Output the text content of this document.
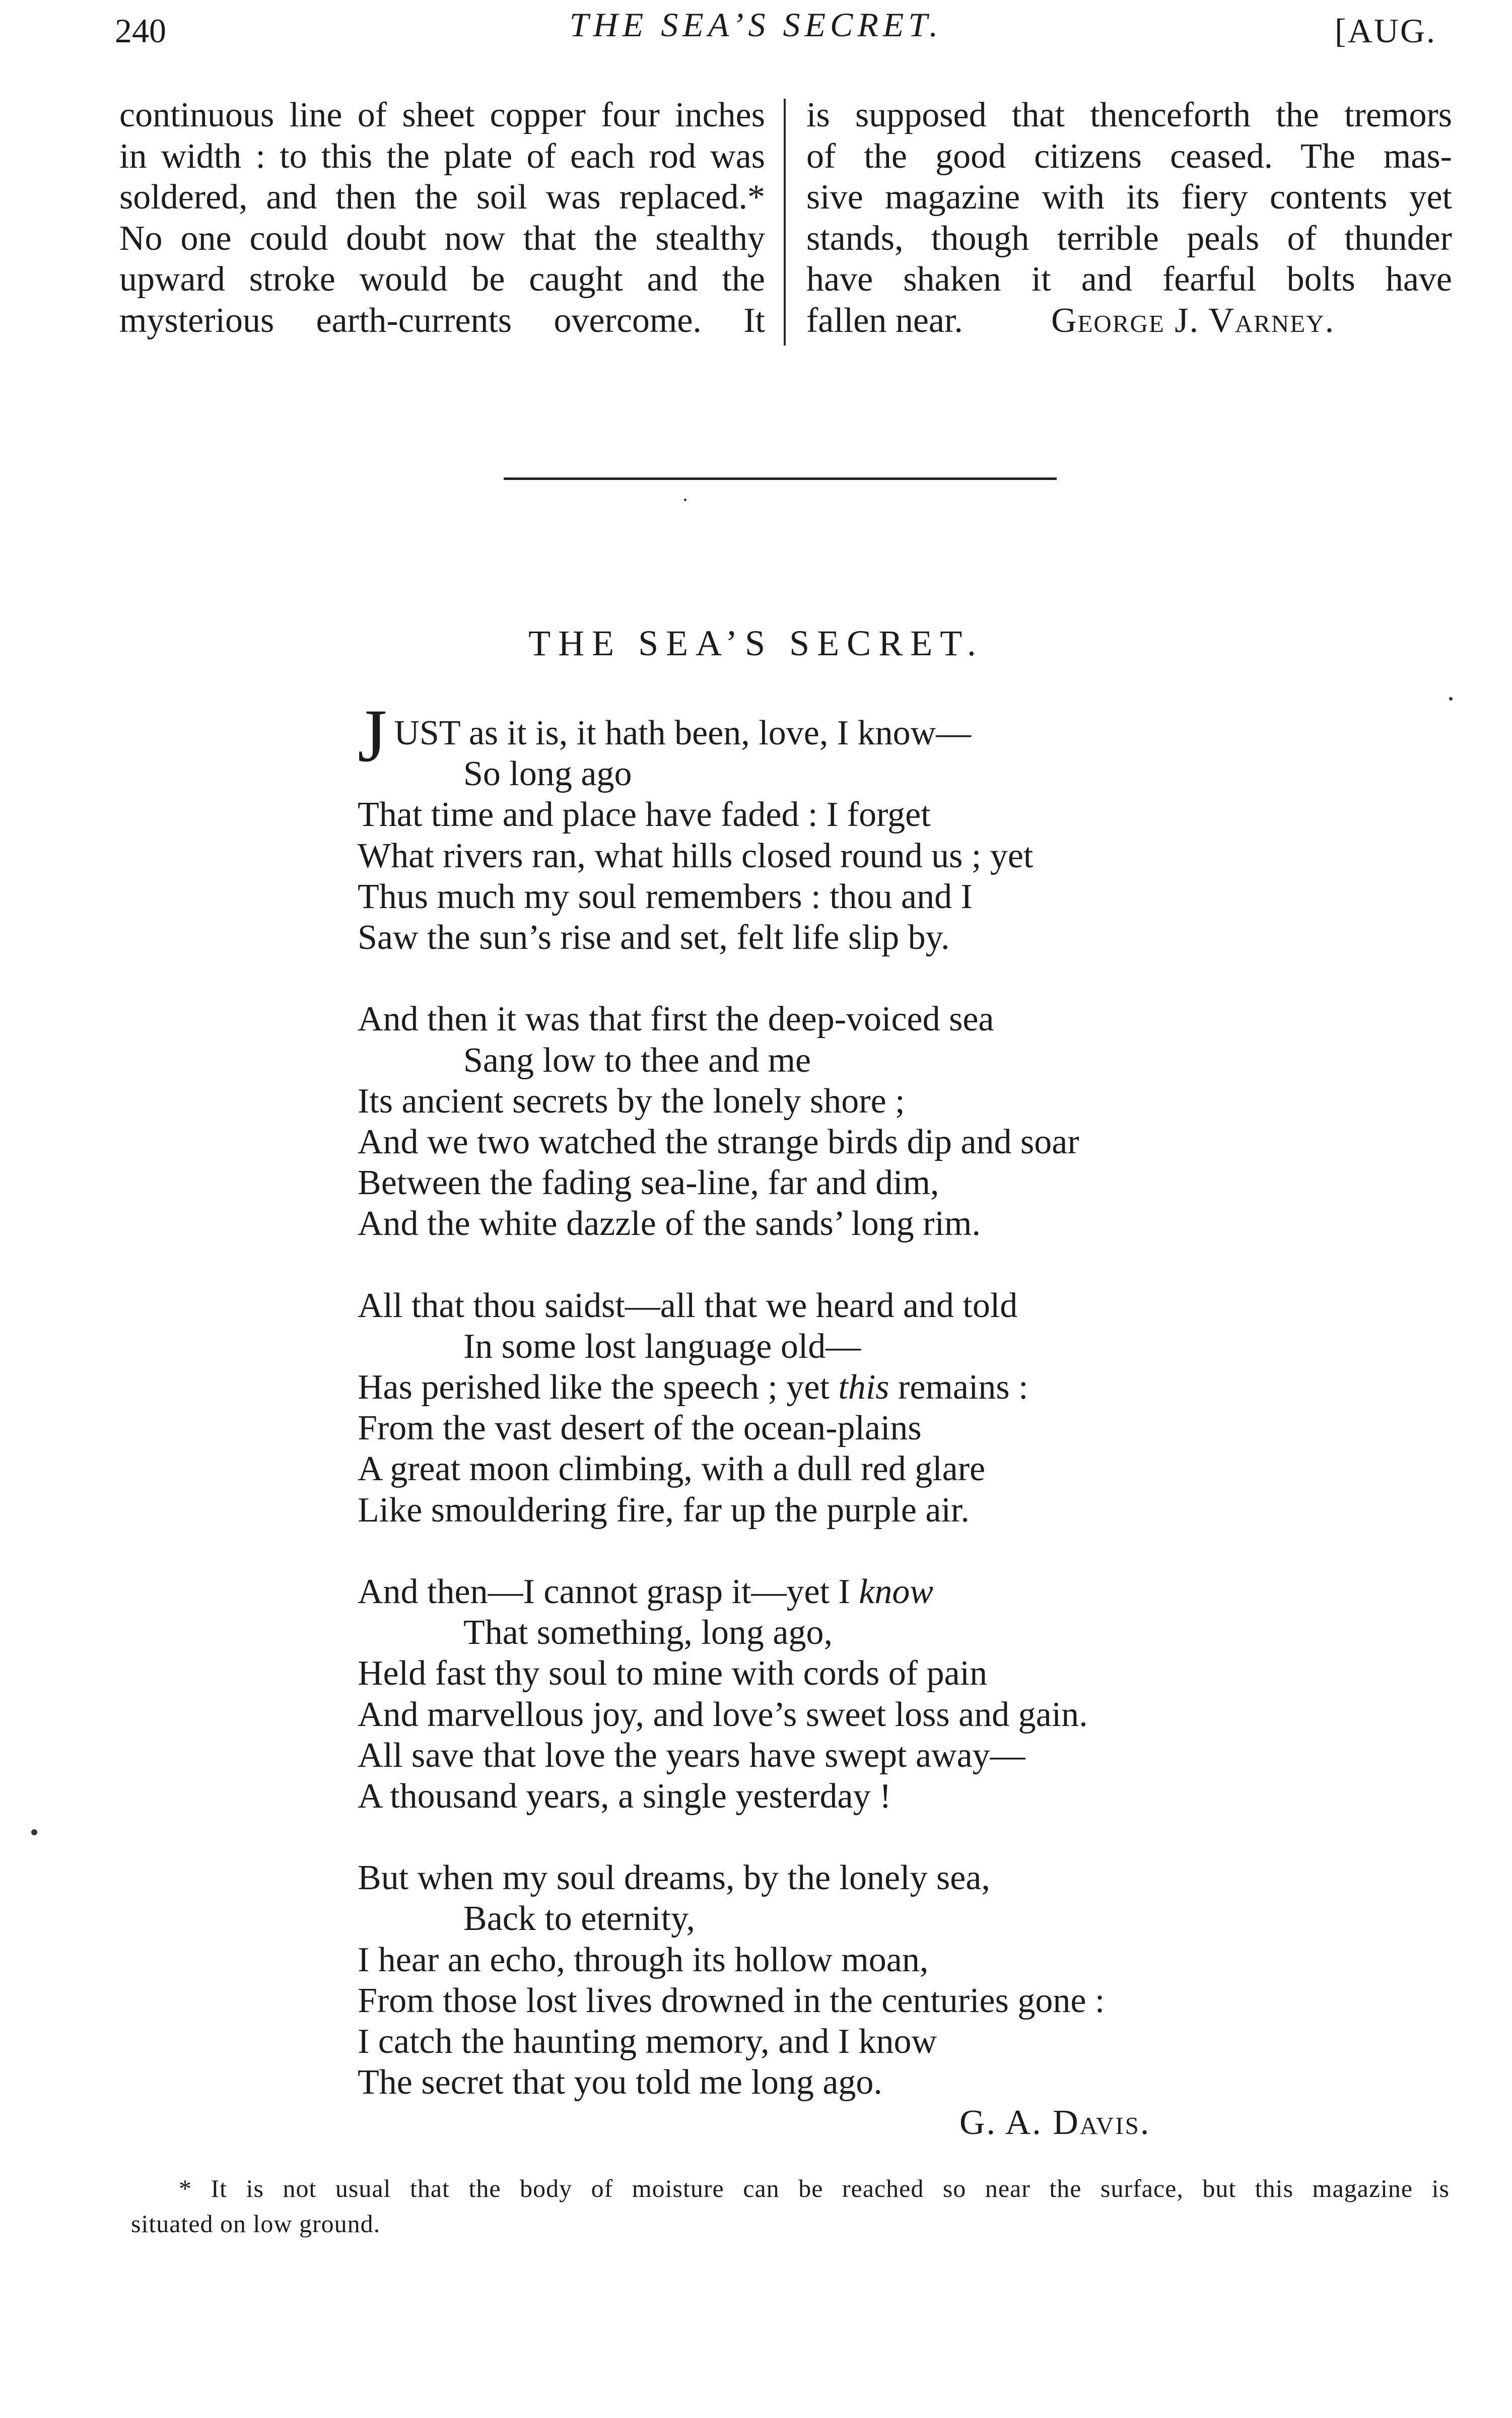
240	THE SEA’S SECRET.	[AUG.
continuous line of sheet copper four inches
in width : to this the plate of each rod was
soldered, and then the soil was replaced.*
No one could doubt now that the stealthy
upward stroke would be caught and the
mysterious earth-currents overcome. It
is supposed that thenceforth the tremors
of the good citizens ceased. The mas-
sive magazine with its fiery contents yet
stands, though terrible peals of thunder
have shaken it and fearful bolts have
fallen near.	George J. Varney.
THE SEA’S SECRET.
JUST as it is, it hath been, love, I know—
So long ago
That time and place have faded : I forget
What rivers ran, what hills closed round us ; yet
Thus much my soul remembers : thou and I
Saw the sun’s rise and set, felt life slip by.
And then it was that first the deep-voiced sea
Sang low to thee and me
Its ancient secrets by the lonely shore ;
And we two watched the strange birds dip and soar
Between the fading sea-line, far and dim,
And the white dazzle of the sands’ long rim.
All that thou saidst—all that we heard and told
In some lost language old—
Has perished like the speech ; yet this remains :
From the vast desert of the ocean-plains
A great moon climbing, with a dull red glare
Like smouldering fire, far up the purple air.
And then—I cannot grasp it—yet I know
That something, long ago,
Held fast thy soul to mine with cords of pain
And marvellous joy, and love’s sweet loss and gain.
All save that love the years have swept away—
A thousand years, a single yesterday !
But when my soul dreams, by the lonely sea,
Back to eternity,
I hear an echo, through its hollow moan,
From those lost lives drowned in the centuries gone :
I catch the haunting memory, and I know
The secret that you told me long ago.
G. A. Davis.
* It is not usual that the body of moisture can be reached so near the surface, but this magazine is
situated on low ground.
